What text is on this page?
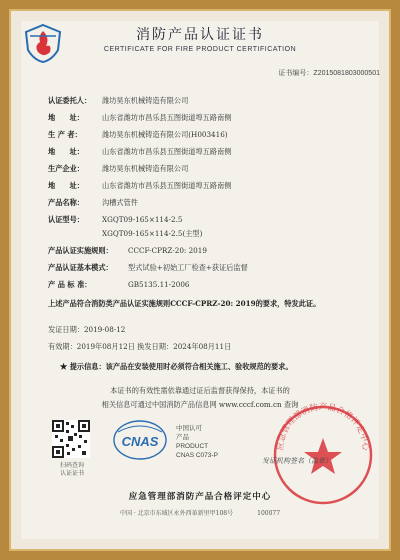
消防产品认证证书
CERTIFICATE FOR FIRE PRODUCT CERTIFICATION
证书编号：Z2015081803000501
认证委托人：	潍坊昊东机械铸造有限公司
地　　址：	山东省潍坊市昌乐县五图街道埠五路南侧
生 产 者：	潍坊昊东机械铸造有限公司(H003416)
地　　址：	山东省潍坊市昌乐县五图街道埠五路南侧
生产企业：	潍坊昊东机械铸造有限公司
地　　址：	山东省潍坊市昌乐县五图街道埠五路南侧
产品名称：	沟槽式管件
认证型号：	XGQT09-165×114-2.5
XGQT09-165×114-2.5(主型)
产品认证实施规则：	CCCF-CPRZ-20: 2019
产品认证基本模式：	型式试验+初始工厂检查+获证后监督
产 品 标 准：	GB5135.11-2006
上述产品符合消防类产品认证实施规则CCCF-CPRZ-20: 2019的要求，特发此证。
发证日期：2019-08-12
有效期：2019年08月12日 换发日期：2024年08月11日
★ 提示信息：该产品在安装使用时必须符合相关施工、验收规范的要求。
本证书的有效性需依靠通过证后监督获得保持，本证书的
相关信息可通过中国消防产品信息网 www.cccf.com.cn 查询
扫码查询
认证证书
CNAS
中国认可
产品
PRODUCT
CNAS C073-P
应急管理部消防产品合格评定中心
发证机构签名（盖章）
应急管理部消防产品合格评定中心
中国 · 北京市东城区永外西革新里甲108号　　　　100077
